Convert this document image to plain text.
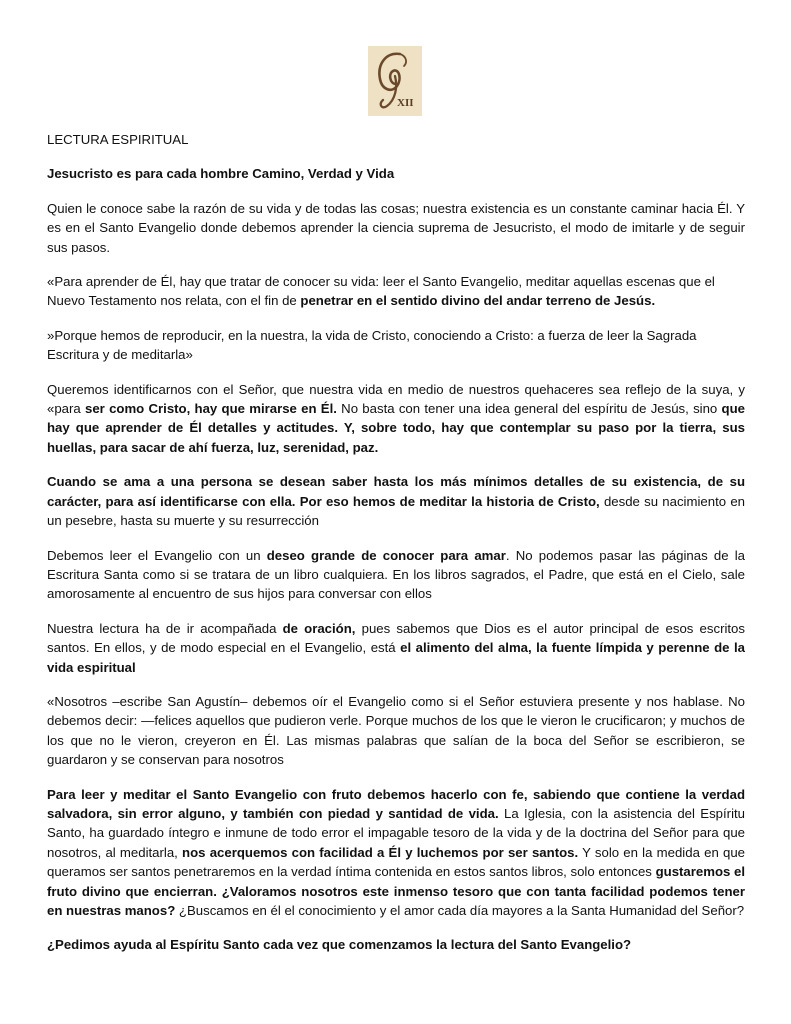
XII
LECTURA ESPIRITUAL
Jesucristo es para cada hombre Camino, Verdad y Vida

Quien le conoce sabe la razón de su vida y de todas las cosas; nuestra existencia es un constante caminar hacia Él. Y es en el Santo Evangelio donde debemos aprender la ciencia suprema de Jesucristo, el modo de imitarle y de seguir sus pasos.

«Para aprender de Él, hay que tratar de conocer su vida: leer el Santo Evangelio, meditar aquellas escenas que el Nuevo Testamento nos relata, con el fin de penetrar en el sentido divino del andar terreno de Jesús.

»Porque hemos de reproducir, en la nuestra, la vida de Cristo, conociendo a Cristo: a fuerza de leer la Sagrada Escritura y de meditarla»

Queremos identificarnos con el Señor, que nuestra vida en medio de nuestros quehaceres sea reflejo de la suya, y «para ser como Cristo, hay que mirarse en Él. No basta con tener una idea general del espíritu de Jesús, sino que hay que aprender de Él detalles y actitudes. Y, sobre todo, hay que contemplar su paso por la tierra, sus huellas, para sacar de ahí fuerza, luz, serenidad, paz.

Cuando se ama a una persona se desean saber hasta los más mínimos detalles de su existencia, de su carácter, para así identificarse con ella. Por eso hemos de meditar la historia de Cristo, desde su nacimiento en un pesebre, hasta su muerte y su resurrección

Debemos leer el Evangelio con un deseo grande de conocer para amar. No podemos pasar las páginas de la Escritura Santa como si se tratara de un libro cualquiera. En los libros sagrados, el Padre, que está en el Cielo, sale amorosamente al encuentro de sus hijos para conversar con ellos

Nuestra lectura ha de ir acompañada de oración, pues sabemos que Dios es el autor principal de esos escritos santos. En ellos, y de modo especial en el Evangelio, está el alimento del alma, la fuente límpida y perenne de la vida espiritual

«Nosotros –escribe San Agustín– debemos oír el Evangelio como si el Señor estuviera presente y nos hablase. No debemos decir: —felices aquellos que pudieron verle. Porque muchos de los que le vieron le crucificaron; y muchos de los que no le vieron, creyeron en Él. Las mismas palabras que salían de la boca del Señor se escribieron, se guardaron y se conservan para nosotros

Para leer y meditar el Santo Evangelio con fruto debemos hacerlo con fe, sabiendo que contiene la verdad salvadora, sin error alguno, y también con piedad y santidad de vida. La Iglesia, con la asistencia del Espíritu Santo, ha guardado íntegro e inmune de todo error el impagable tesoro de la vida y de la doctrina del Señor para que nosotros, al meditarla, nos acerquemos con facilidad a Él y luchemos por ser santos. Y solo en la medida en que queramos ser santos penetraremos en la verdad íntima contenida en estos santos libros, solo entonces gustaremos el fruto divino que encierran. ¿Valoramos nosotros este inmenso tesoro que con tanta facilidad podemos tener en nuestras manos? ¿Buscamos en él el conocimiento y el amor cada día mayores a la Santa Humanidad del Señor?

¿Pedimos ayuda al Espíritu Santo cada vez que comenzamos la lectura del Santo Evangelio?
